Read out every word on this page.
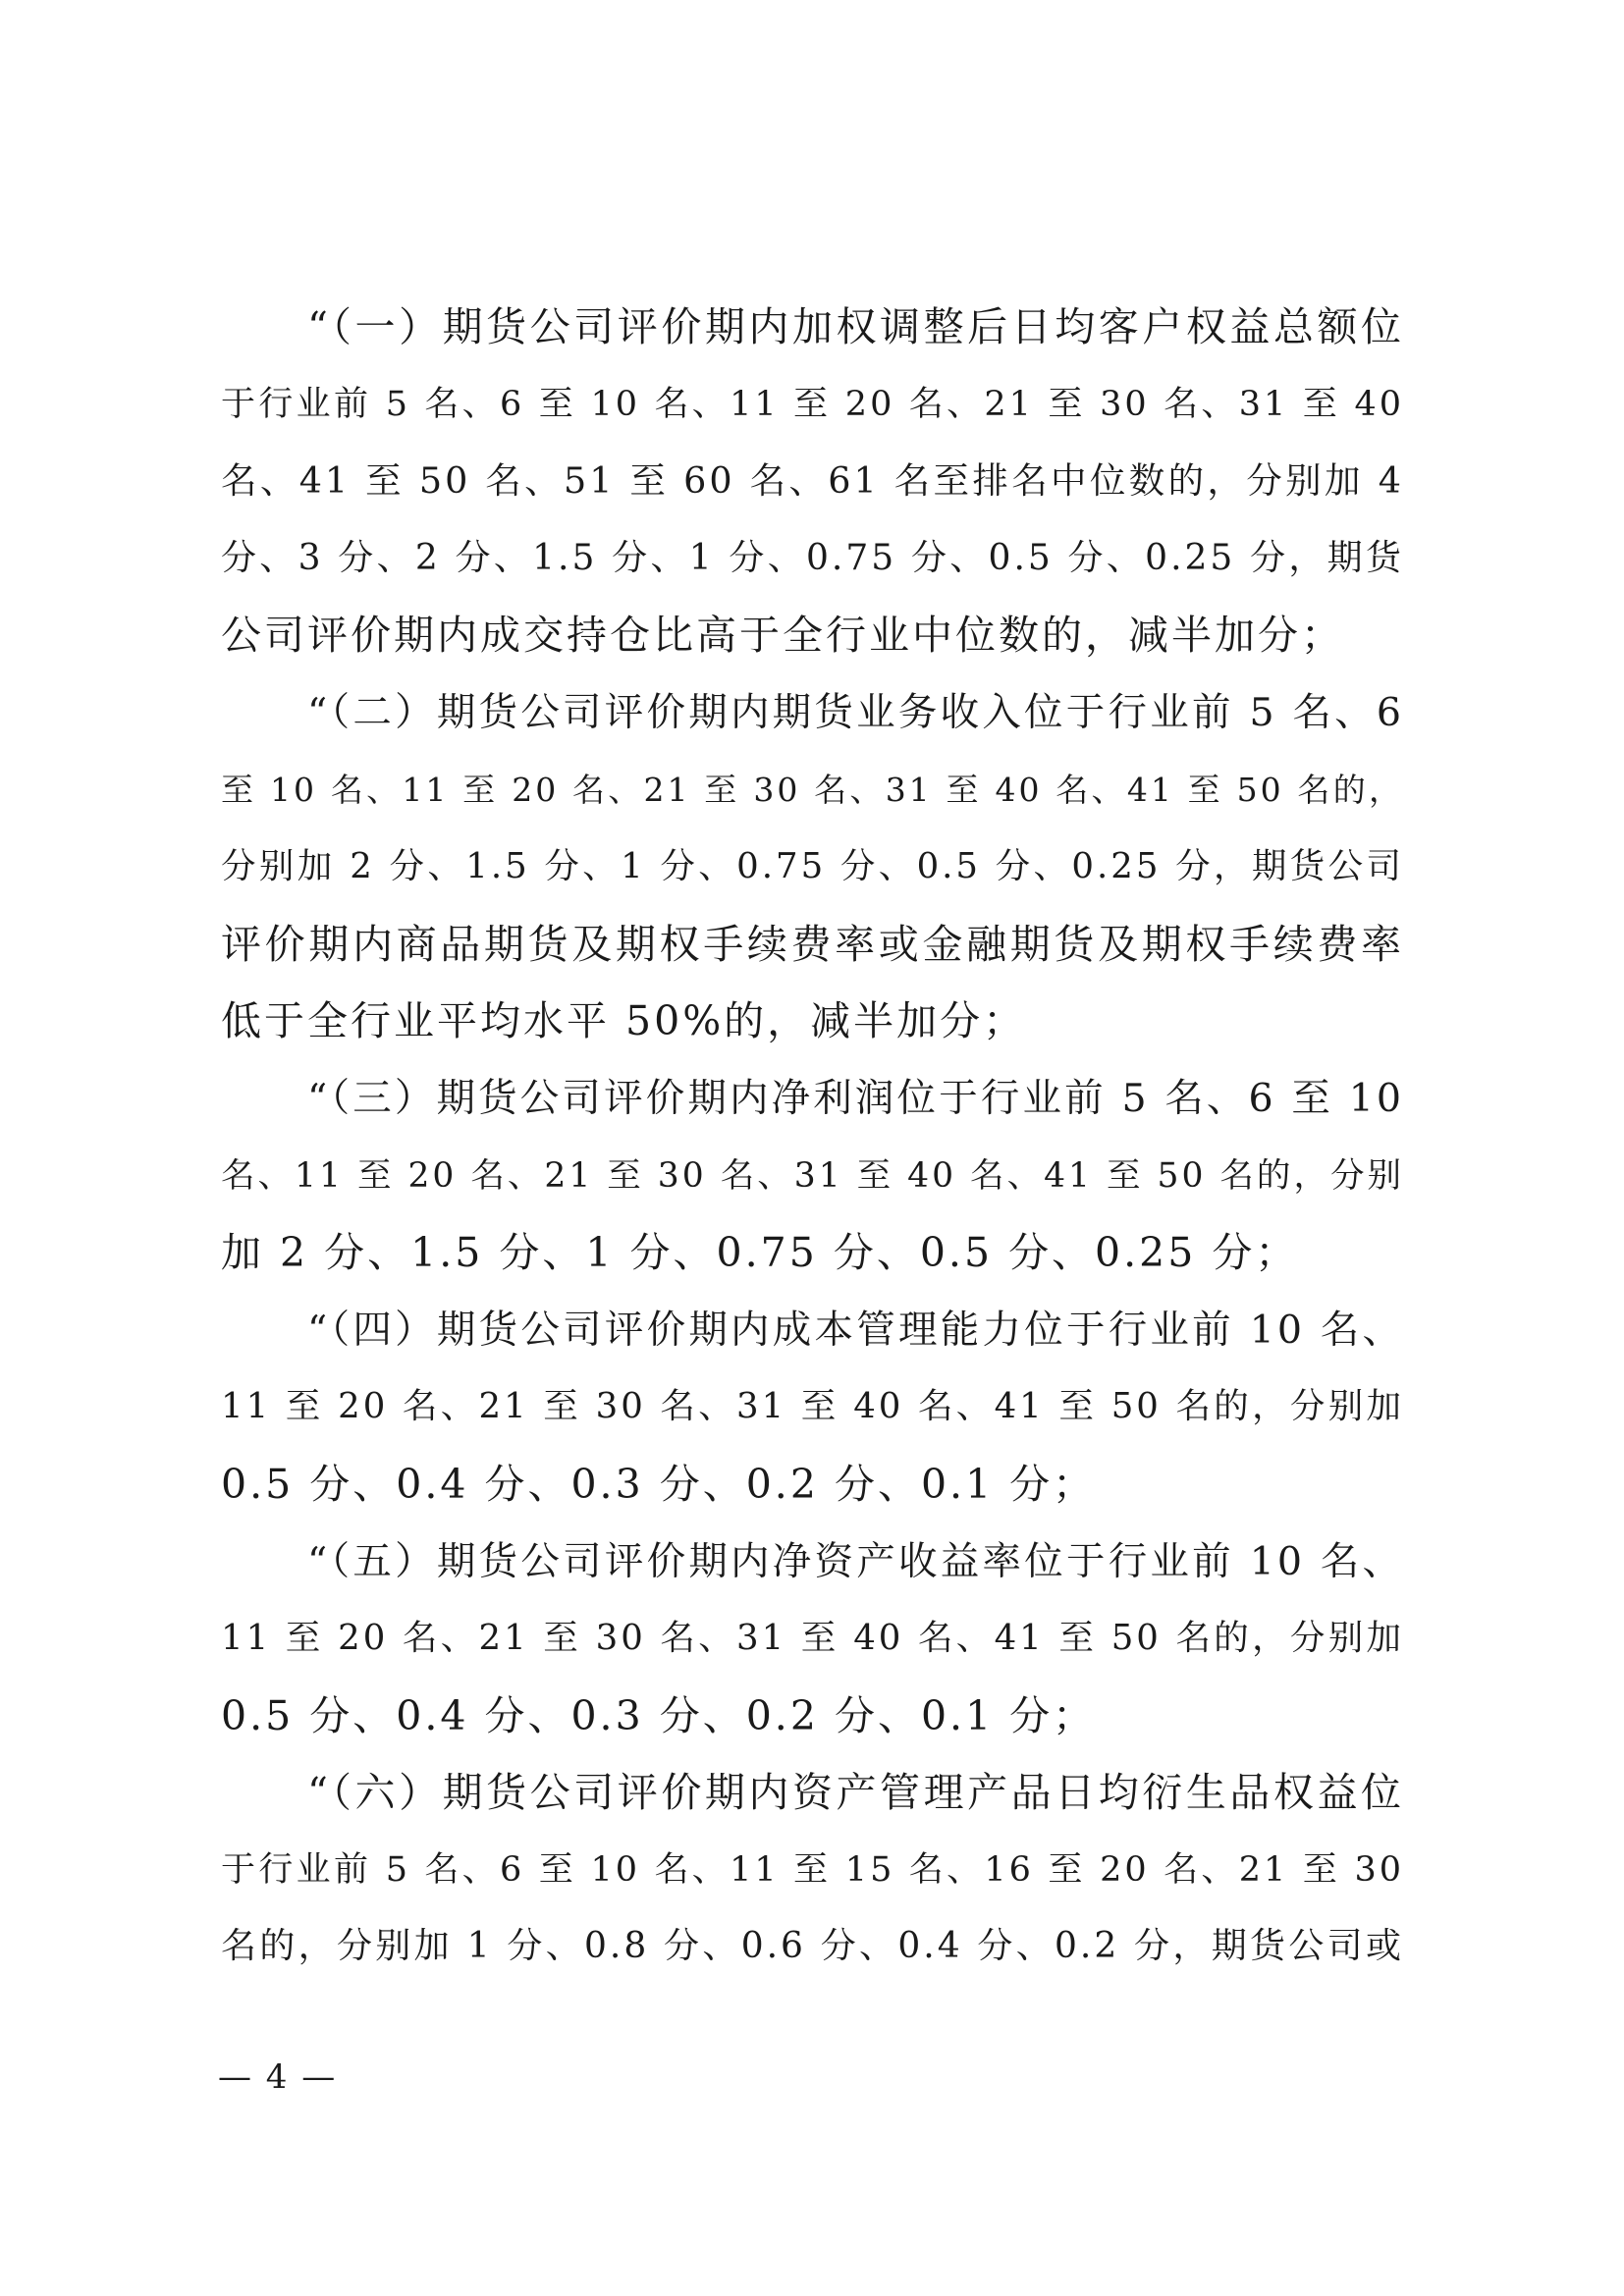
“（一）期货公司评价期内加权调整后日均客户权益总额位
于行业前 5 名、6 至 10 名、11 至 20 名、21 至 30 名、31 至 40
名、41 至 50 名、51 至 60 名、61 名至排名中位数的，分别加 4
分、3 分、2 分、1.5 分、1 分、0.75 分、0.5 分、0.25 分，期货
公司评价期内成交持仓比高于全行业中位数的，减半加分；
“（二）期货公司评价期内期货业务收入位于行业前 5 名、6
至 10 名、11 至 20 名、21 至 30 名、31 至 40 名、41 至 50 名的，
分别加 2 分、1.5 分、1 分、0.75 分、0.5 分、0.25 分，期货公司
评价期内商品期货及期权手续费率或金融期货及期权手续费率
低于全行业平均水平 50%的，减半加分；
“（三）期货公司评价期内净利润位于行业前 5 名、6 至 10
名、11 至 20 名、21 至 30 名、31 至 40 名、41 至 50 名的，分别
加 2 分、1.5 分、1 分、0.75 分、0.5 分、0.25 分；
“（四）期货公司评价期内成本管理能力位于行业前 10 名、
11 至 20 名、21 至 30 名、31 至 40 名、41 至 50 名的，分别加
0.5 分、0.4 分、0.3 分、0.2 分、0.1 分；
“（五）期货公司评价期内净资产收益率位于行业前 10 名、
11 至 20 名、21 至 30 名、31 至 40 名、41 至 50 名的，分别加
0.5 分、0.4 分、0.3 分、0.2 分、0.1 分；
“（六）期货公司评价期内资产管理产品日均衍生品权益位
于行业前 5 名、6 至 10 名、11 至 15 名、16 至 20 名、21 至 30
名的，分别加 1 分、0.8 分、0.6 分、0.4 分、0.2 分，期货公司或
— 4 —
